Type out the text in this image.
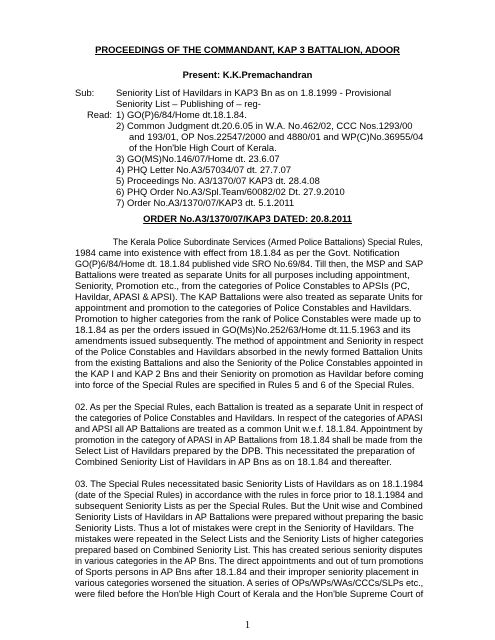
PROCEEDINGS OF THE COMMANDANT, KAP 3 BATTALION, ADOOR
Present: K.K.Premachandran
Sub: Seniority List of Havildars in KAP3 Bn as on 1.8.1999 - Provisional
Seniority List – Publishing of – reg-
Read: 1) GO(P)6/84/Home dt.18.1.84.
2) Common Judgment dt.20.6.05 in W.A. No.462/02, CCC Nos.1293/00
and 193/01, OP Nos.22547/2000 and 4880/01 and WP(C)No.36955/04
of the Hon'ble High Court of Kerala.
3) GO(MS)No.146/07/Home dt. 23.6.07
4) PHQ Letter No.A3/57034/07 dt. 27.7.07
5) Proceedings No. A3/1370/07 KAP3 dt. 28.4.08
6) PHQ Order No.A3/Spl.Team/60082/02 Dt. 27.9.2010
7) Order No.A3/1370/07/KAP3 dt. 5.1.2011
ORDER No.A3/1370/07/KAP3 DATED: 20.8.2011
The Kerala Police Subordinate Services (Armed Police Battalions) Special Rules,
1984 came into existence with effect from 18.1.84 as per the Govt. Notification
GO(P)6/84/Home dt. 18.1.84 published vide SRO No.69/84. Till then, the MSP and SAP
Battalions were treated as separate Units for all purposes including appointment,
Seniority, Promotion etc., from the categories of Police Constables to APSIs (PC,
Havildar, APASI & APSI). The KAP Battalions were also treated as separate Units for
appointment and promotion to the categories of Police Constables and Havildars.
Promotion to higher categories from the rank of Police Constables were made up to
18.1.84 as per the orders issued in GO(Ms)No.252/63/Home dt.11.5.1963 and its
amendments issued subsequently. The method of appointment and Seniority in respect
of the Police Constables and Havildars absorbed in the newly formed Battalion Units
from the existing Battalions and also the Seniority of the Police Constables appointed in
the KAP I and KAP 2 Bns and their Seniority on promotion as Havildar before coming
into force of the Special Rules are specified in Rules 5 and 6 of the Special Rules.
02. As per the Special Rules, each Battalion is treated as a separate Unit in respect of
the categories of Police Constables and Havildars. In respect of the categories of APASI
and APSI all AP Battalions are treated as a common Unit w.e.f. 18.1.84. Appointment by
promotion in the category of APASI in AP Battalions from 18.1.84 shall be made from the
Select List of Havildars prepared by the DPB. This necessitated the preparation of
Combined Seniority List of Havildars in AP Bns as on 18.1.84 and thereafter.
03. The Special Rules necessitated basic Seniority Lists of Havildars as on 18.1.1984
(date of the Special Rules) in accordance with the rules in force prior to 18.1.1984 and
subsequent Seniority Lists as per the Special Rules. But the Unit wise and Combined
Seniority Lists of Havildars in AP Battalions were prepared without preparing the basic
Seniority Lists. Thus a lot of mistakes were crept in the Seniority of Havildars. The
mistakes were repeated in the Select Lists and the Seniority Lists of higher categories
prepared based on Combined Seniority List. This has created serious seniority disputes
in various categories in the AP Bns. The direct appointments and out of turn promotions
of Sports persons in AP Bns after 18.1.84 and their improper seniority placement in
various categories worsened the situation. A series of OPs/WPs/WAs/CCCs/SLPs etc.,
were filed before the Hon'ble High Court of Kerala and the Hon'ble Supreme Court of
1
